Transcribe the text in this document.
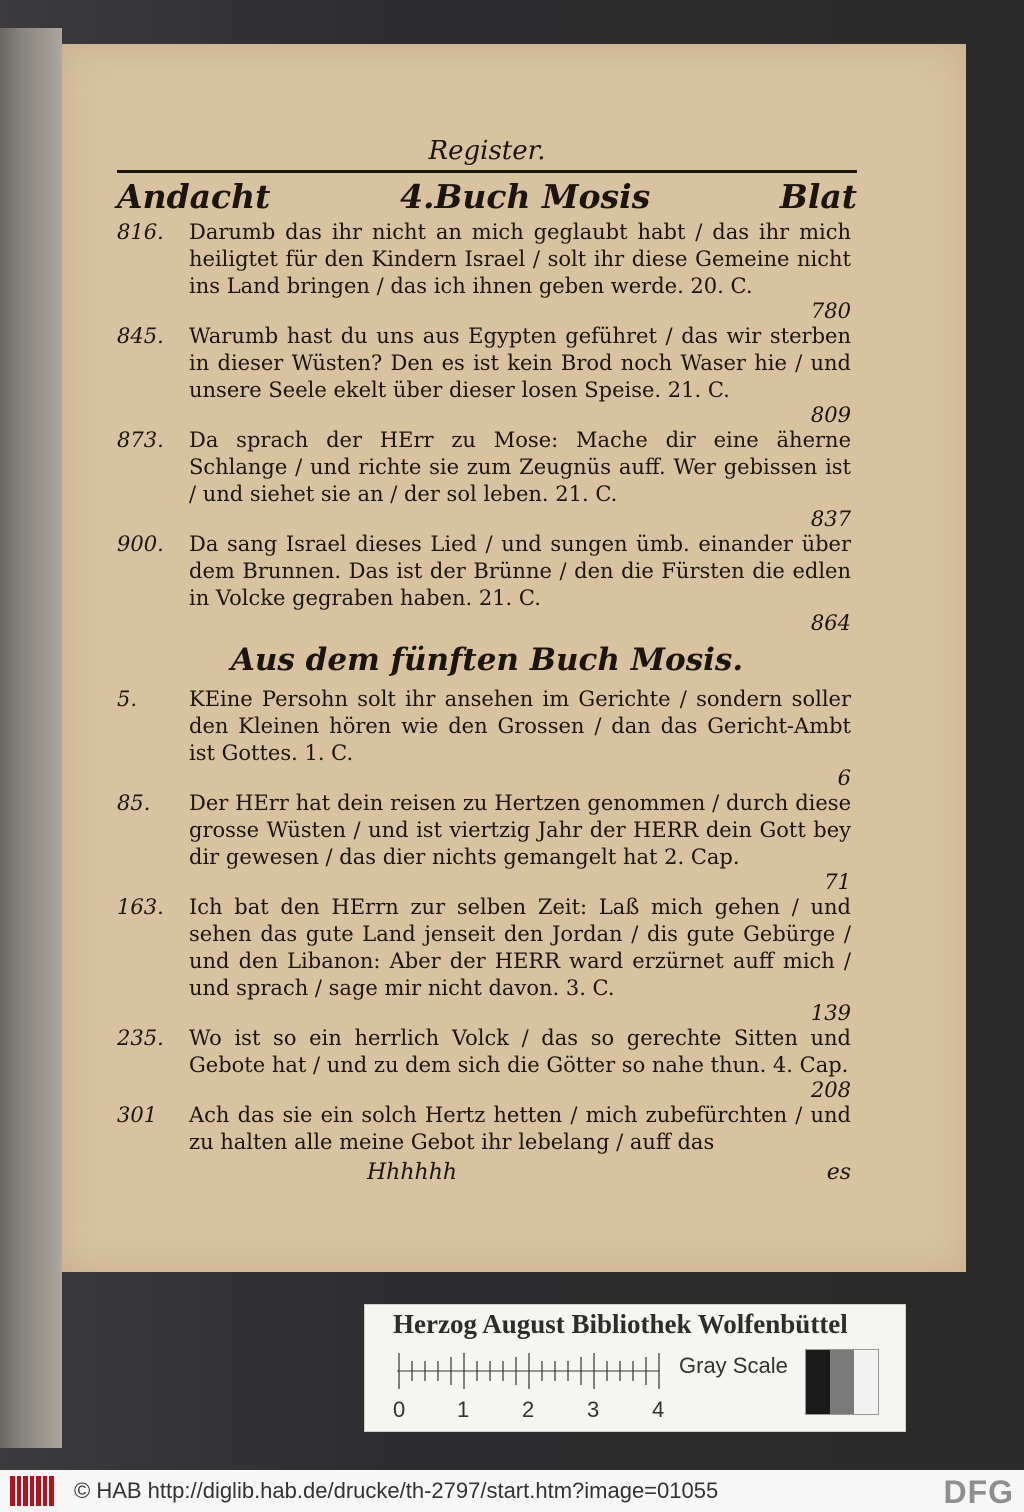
Register.
Andacht	4.Buch Mosis	Blat
816.	Darumb das ihr nicht an mich geglaubt habt / das ihr mich heiligtet für den Kindern Israel / solt ihr diese Gemeine nicht ins Land bringen / das ich ihnen geben werde. 20. C.
780
845.	Warumb hast du uns aus Egypten geführet / das wir sterben in dieser Wüsten? Den es ist kein Brod noch Waser hie / und unsere Seele ekelt über dieser losen Speise. 21. C.
809
873.	Da sprach der HErr zu Mose: Mache dir eine äherne Schlange / und richte sie zum Zeugnüs auff. Wer gebissen ist / und siehet sie an / der sol leben. 21. C.
837
900.	Da sang Israel dieses Lied / und sungen ümb. einander über dem Brunnen. Das ist der Brünne / den die Fürsten die edlen in Volcke gegraben haben. 21. C.
864
Aus dem fünften Buch Mosis.
5.	KEine Persohn solt ihr ansehen im Gerichte / sondern soller den Kleinen hören wie den Grossen / dan das Gericht-Ambt ist Gottes. 1. C.
6
85.	Der HErr hat dein reisen zu Hertzen genommen / durch diese grosse Wüsten / und ist viertzig Jahr der HERR dein Gott bey dir gewesen / das dier nichts gemangelt hat 2. Cap.
71
163.	Ich bat den HErrn zur selben Zeit: Laß mich gehen / und sehen das gute Land jenseit den Jordan / dis gute Gebürge / und den Libanon: Aber der HERR ward erzürnet auff mich / und sprach / sage mir nicht davon. 3. C.
139
235.	Wo ist so ein herrlich Volck / das so gerechte Sitten und Gebote hat / und zu dem sich die Götter so nahe thun. 4. Cap.
208
301	Ach das sie ein solch Hertz hetten / mich zubefürchten / und zu halten alle meine Gebot ihr lebelang / auff das
Hhhhhh	es
Herzog August Bibliothek Wolfenbüttel
0 1 2 3 4
Gray Scale
© HAB http://diglib.hab.de/drucke/th-2797/start.htm?image=01055	DFG
